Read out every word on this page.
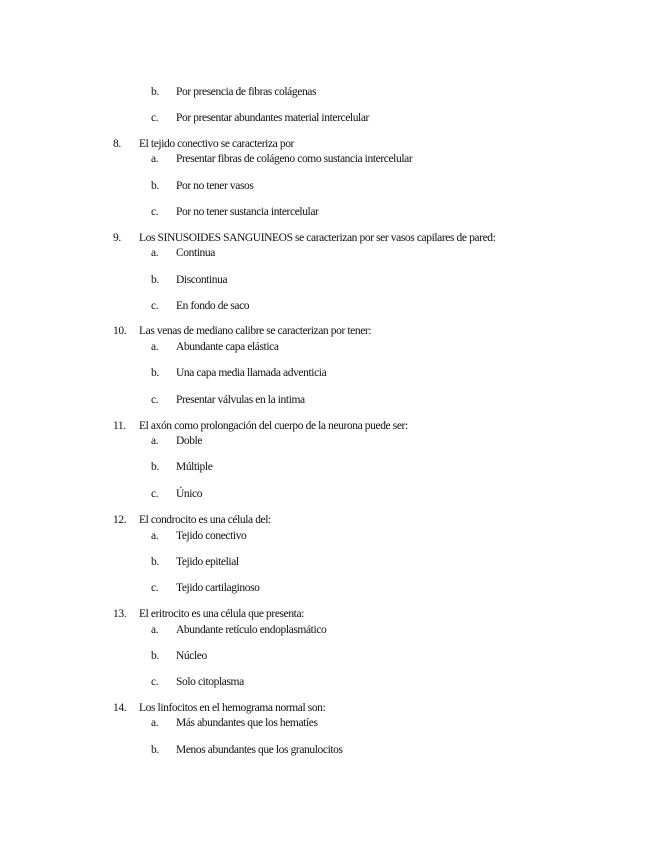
b. Por presencia de fibras colágenas
c. Por presentar abundantes material intercelular
8. El tejido conectivo se caracteriza por
a. Presentar fibras de colágeno como sustancia intercelular
b. Por no tener vasos
c. Por no tener sustancia intercelular
9. Los SINUSOIDES SANGUINEOS se caracterizan por ser vasos capilares de pared:
a. Continua
b. Discontinua
c. En fondo de saco
10. Las venas de mediano calibre se caracterizan por tener:
a. Abundante capa elástica
b. Una capa media llamada adventicia
c. Presentar válvulas en la intima
11. El axón como prolongación del cuerpo de la neurona puede ser:
a. Doble
b. Múltiple
c. Único
12. El condrocito es una célula del:
a. Tejido conectivo
b. Tejido epitelial
c. Tejido cartilaginoso
13. El eritrocito es una célula que presenta:
a. Abundante retículo endoplasmático
b. Núcleo
c. Solo citoplasma
14. Los linfocitos en el hemograma normal son:
a. Más abundantes que los hematíes
b. Menos abundantes que los granulocitos
